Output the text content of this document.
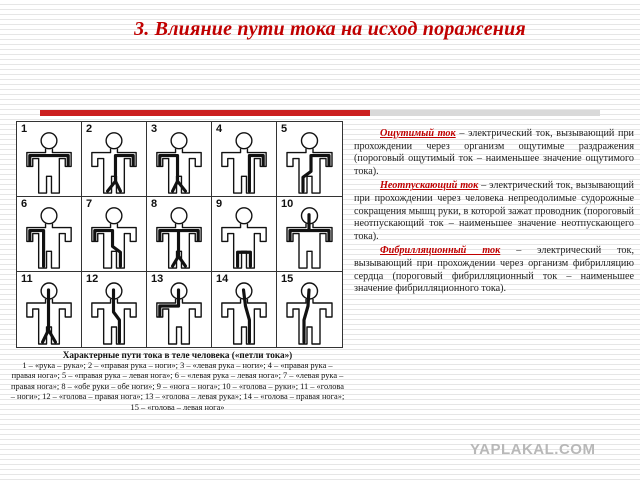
3. Влияние пути тока на исход поражения
1	2	3	4	5
6	7	8	9	10
11	12	13	14	15
Характерные пути тока в теле человека («петли тока»)
1 – «рука – рука»; 2 – «правая рука – ноги»; 3 – «левая рука – ноги»; 4 – «правая рука – правая нога»; 5 – «правая рука – левая нога»; 6 – «левая рука – левая нога»; 7 – «левая рука – правая нога»; 8 – «обе руки – обе ноги»; 9 – «нога – нога»; 10 – «голова – руки»; 11 – «голова – ноги»; 12 – «голова – правая нога»; 13 – «голова – левая рука»; 14 – «голова – правая нога»; 15 – «голова – левая нога»

Ощутимый ток – электрический ток, вызывающий при прохождении через организм ощутимые раздражения (пороговый ощутимый ток – наименьшее значение ощутимого тока).

Неотпускающий ток – электрический ток, вызывающий при прохождении через человека непреодолимые судорожные сокращения мышц руки, в которой зажат проводник (пороговый неотпускающий ток – наименьшее значение неотпускающего тока).

Фибрилляционный ток – электрический ток, вызывающий при прохождении через организм фибрилляцию сердца (пороговый фибрилляционный ток – наименьшее значение фибрилляционного тока).

YAPLAKAL.COM
